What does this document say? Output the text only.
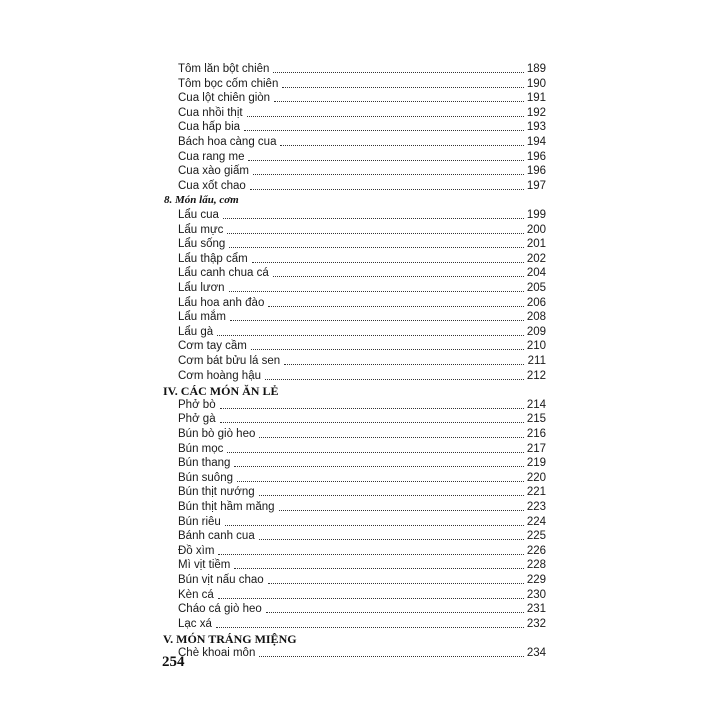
Tôm lăn bột chiên	189
Tôm bọc cốm chiên	190
Cua lột chiên giòn	191
Cua nhồi thịt	192
Cua hấp bia	193
Bách hoa càng cua	194
Cua rang me	196
Cua xào giấm	196
Cua xốt chao	197
8. Món lẩu, cơm
Lẩu cua	199
Lẩu mực	200
Lẩu sống	201
Lẩu thập cẩm	202
Lẩu canh chua cá	204
Lẩu lươn	205
Lẩu hoa anh đào	206
Lẩu mắm	208
Lẩu gà	209
Cơm tay cầm	210
Cơm bát bửu lá sen	211
Cơm hoàng hậu	212
IV. CÁC MÓN ĂN LẺ
Phở bò	214
Phở gà	215
Bún bò giò heo	216
Bún mọc	217
Bún thang	219
Bún suông	220
Bún thịt nướng	221
Bún thịt hầm măng	223
Bún riêu	224
Bánh canh cua	225
Đồ xìm	226
Mì vịt tiềm	228
Bún vịt nấu chao	229
Kèn cá	230
Cháo cá giò heo	231
Lạc xá	232
V. MÓN TRÁNG MIỆNG
Chè khoai môn	234
254
